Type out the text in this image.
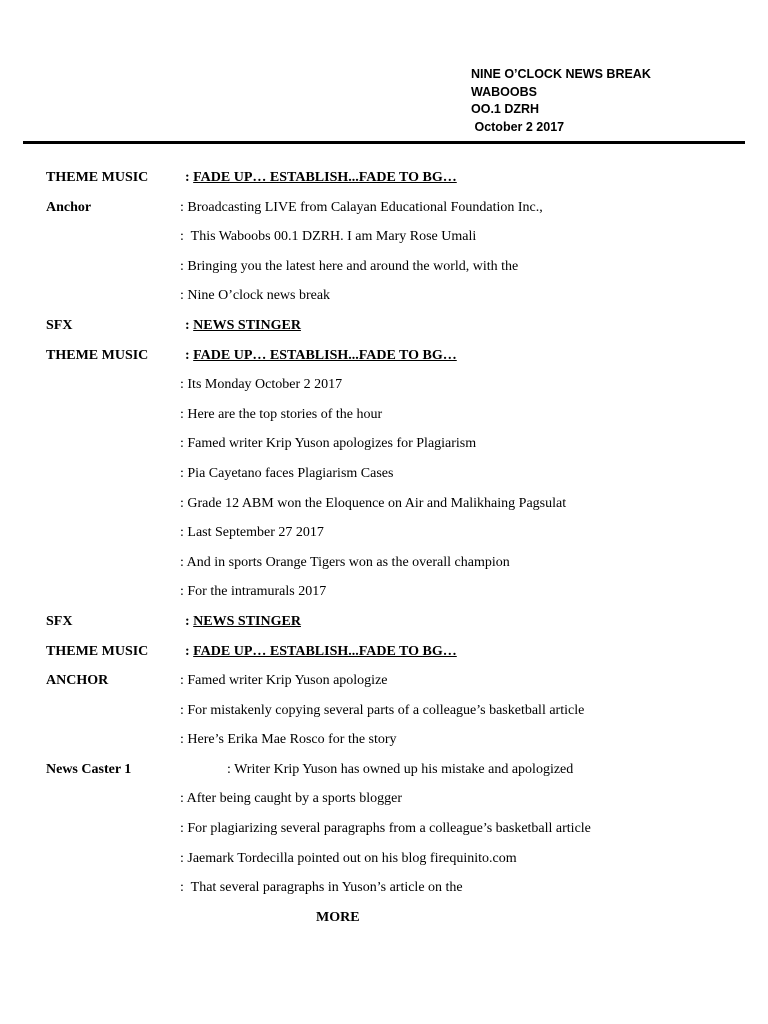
NINE O’CLOCK NEWS BREAK
WABOOBS
OO.1 DZRH
October 2 2017
THEME MUSIC	: FADE UP… ESTABLISH...FADE TO BG…
Anchor	: Broadcasting LIVE from Calayan Educational Foundation Inc.,
:  This Waboobs 00.1 DZRH. I am Mary Rose Umali
: Bringing you the latest here and around the world, with the
: Nine O’clock news break
SFX	: NEWS STINGER
THEME MUSIC	: FADE UP… ESTABLISH...FADE TO BG…
: Its Monday October 2 2017
: Here are the top stories of the hour
: Famed writer Krip Yuson apologizes for Plagiarism
: Pia Cayetano faces Plagiarism Cases
: Grade 12 ABM won the Eloquence on Air and Malikhaing Pagsulat
: Last September 27 2017
: And in sports Orange Tigers won as the overall champion
: For the intramurals 2017
SFX	: NEWS STINGER
THEME MUSIC	: FADE UP… ESTABLISH...FADE TO BG…
ANCHOR	: Famed writer Krip Yuson apologize
: For mistakenly copying several parts of a colleague’s basketball article
: Here’s Erika Mae Rosco for the story
News Caster 1	: Writer Krip Yuson has owned up his mistake and apologized
: After being caught by a sports blogger
: For plagiarizing several paragraphs from a colleague’s basketball article
: Jaemark Tordecilla pointed out on his blog firequinito.com
:  That several paragraphs in Yuson’s article on the
MORE
